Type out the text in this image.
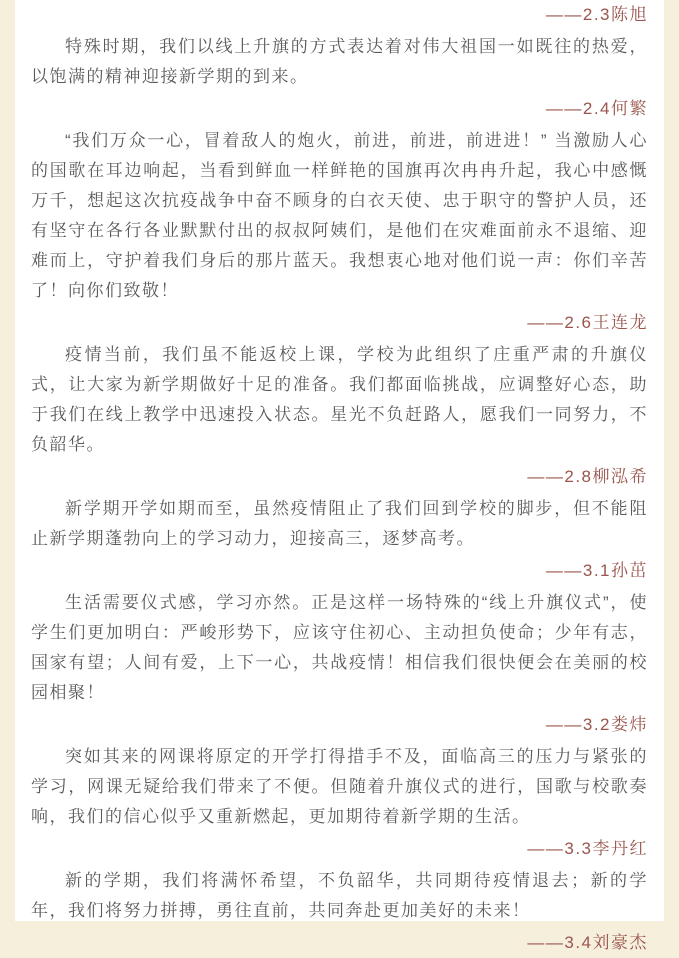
——2.3陈旭

特殊时期，我们以线上升旗的方式表达着对伟大祖国一如既往的热爱，以饱满的精神迎接新学期的到来。

——2.4何繁

“我们万众一心，冒着敌人的炮火，前进，前进，前进进！” 当激励人心的国歌在耳边响起，当看到鲜血一样鲜艳的国旗再次冉冉升起，我心中感慨万千，想起这次抗疫战争中奋不顾身的白衣天使、忠于职守的警护人员，还有坚守在各行各业默默付出的叔叔阿姨们，是他们在灾难面前永不退缩、迎难而上，守护着我们身后的那片蓝天。我想衷心地对他们说一声：你们辛苦了！向你们致敬！

——2.6王连龙

疫情当前，我们虽不能返校上课，学校为此组织了庄重严肃的升旗仪式，让大家为新学期做好十足的准备。我们都面临挑战，应调整好心态，助于我们在线上教学中迅速投入状态。星光不负赶路人，愿我们一同努力，不负韶华。

——2.8柳泓希

新学期开学如期而至，虽然疫情阻止了我们回到学校的脚步，但不能阻止新学期蓬勃向上的学习动力，迎接高三，逐梦高考。

——3.1孙茁

生活需要仪式感，学习亦然。正是这样一场特殊的“线上升旗仪式”，使学生们更加明白：严峻形势下，应该守住初心、主动担负使命；少年有志，国家有望；人间有爱，上下一心，共战疫情！相信我们很快便会在美丽的校园相聚！

——3.2娄炜

突如其来的网课将原定的开学打得措手不及，面临高三的压力与紧张的学习，网课无疑给我们带来了不便。但随着升旗仪式的进行，国歌与校歌奏响，我们的信心似乎又重新燃起，更加期待着新学期的生活。

——3.3李丹红

新的学期，我们将满怀希望，不负韶华，共同期待疫情退去；新的学年，我们将努力拼搏，勇往直前，共同奔赴更加美好的未来！

——3.4刘豪杰
